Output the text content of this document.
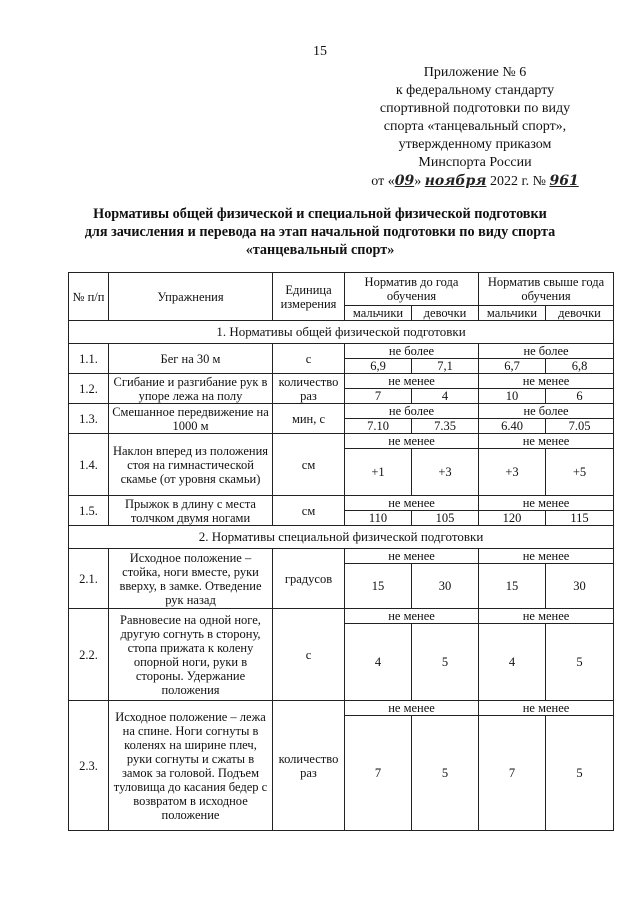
15
Приложение № 6
к федеральному стандарту
спортивной подготовки по виду
спорта «танцевальный спорт»,
утвержденному приказом
Минспорта России
от «09» ноября 2022 г. № 961
Нормативы общей физической и специальной физической подготовки
для зачисления и перевода на этап начальной подготовки по виду спорта
«танцевальный спорт»
№ п/п	Упражнения	Единица измерения	Норматив до года обучения		Норматив свыше года обучения	
			мальчики	девочки	мальчики	девочки
1. Нормативы общей физической подготовки						
1.1.	Бег на 30 м	с	не более		не более	
			6,9	7,1	6,7	6,8
1.2.	Сгибание и разгибание рук в упоре лежа на полу	количество раз	не менее		не менее	
			7	4	10	6
1.3.	Смешанное передвижение на 1000 м	мин, с	не более		не более	
			7.10	7.35	6.40	7.05
1.4.	Наклон вперед из положения стоя на гимнастической скамье (от уровня скамьи)	см	не менее		не менее	
			+1	+3	+3	+5
1.5.	Прыжок в длину с места толчком двумя ногами	см	не менее		не менее	
			110	105	120	115
2. Нормативы специальной физической подготовки						
2.1.	Исходное положение – стойка, ноги вместе, руки вверху, в замке. Отведение рук назад	градусов	не менее		не менее	
			15	30	15	30
2.2.	Равновесие на одной ноге, другую согнуть в сторону, стопа прижата к колену опорной ноги, руки в стороны. Удержание положения	с	не менее		не менее	
			4	5	4	5
2.3.	Исходное положение – лежа на спине. Ноги согнуты в коленях на ширине плеч, руки согнуты и сжаты в замок за головой. Подъем туловища до касания бедер с возвратом в исходное положение	количество раз	не менее		не менее	
			7	5	7	5
